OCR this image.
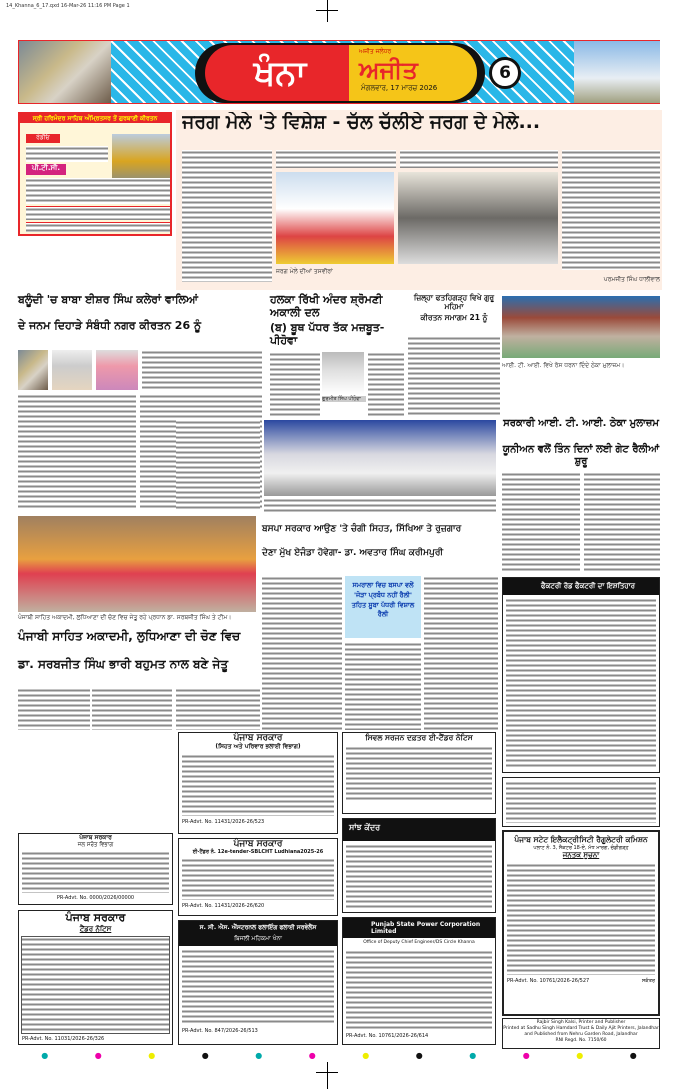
14_Khanna_6_17.qxd 16-Mar-26 11:16 PM Page 1
ਖੰਨਾ
ਅਜੀਤ ਜਲੰਧਰ
ਅਜੀਤ
ਮੰਗਲਵਾਰ, 17 ਮਾਰਚ 2026
6
ਸ੍ਰੀ ਹਰਿਮੰਦਰ ਸਾਹਿਬ ਅੰਮ੍ਰਿਤਸਰ ਤੋਂ ਗੁਰਬਾਣੀ ਕੀਰਤਨ
ਰੇਡੀਓ
ਪੀ.ਟੀ.ਸੀ.
ਜਰਗ ਮੇਲੇ 'ਤੇ ਵਿਸ਼ੇਸ਼ - ਚੱਲ ਚੱਲੀਏ ਜਰਗ ਦੇ ਮੇਲੇ...
ਜਰਗ ਮੇਲੇ ਦੀਆਂ ਤਸਵੀਰਾਂ
ਪਰਮਜੀਤ ਸਿੰਘ ਧਾਲੀਵਾਲ
ਬਲੂੰਦੀ 'ਚ ਬਾਬਾ ਈਸ਼ਰ ਸਿੰਘ ਕਲੇਰਾਂ ਵਾਲਿਆਂ
ਦੇ ਜਨਮ ਦਿਹਾੜੇ ਸੰਬੰਧੀ ਨਗਰ ਕੀਰਤਨ 26 ਨੂੰ
ਹਲਕਾ ਰਿੱਖੀ ਅੰਦਰ ਸ਼੍ਰੋਮਣੀ ਅਕਾਲੀ ਦਲ
(ਬ) ਬੂਥ ਪੱਧਰ ਤੱਕ ਮਜ਼ਬੂਤ- ਪੀਹੋਵਾ
ਗੁਰਮੀਤ ਸਿੰਘ ਪੀਹੋਵਾ
ਜ਼ਿਲ੍ਹਾ ਫਤਹਿਗੜ੍ਹ ਵਿਖੇ ਗੁਰੂ ਮਹਿਮਾ
ਕੀਰਤਨ ਸਮਾਗਮ 21 ਨੂੰ
ਆਈ. ਟੀ. ਆਈ. ਵਿਖੇ ਰੋਸ ਧਰਨਾ ਦਿੰਦੇ ਠੇਕਾ ਮੁਲਾਜ਼ਮ।
ਸਰਕਾਰੀ ਆਈ. ਟੀ. ਆਈ. ਠੇਕਾ ਮੁਲਾਜ਼ਮ
ਯੂਨੀਅਨ ਵਲੋਂ ਤਿੰਨ ਦਿਨਾਂ ਲਈ ਗੇਟ ਰੈਲੀਆਂ ਸ਼ੁਰੂ
ਪੰਜਾਬੀ ਸਾਹਿਤ ਅਕਾਦਮੀ, ਲੁਧਿਆਣਾ ਦੀ ਚੋਣ ਵਿਚ ਜੇਤੂ ਰਹੇ ਪ੍ਰਧਾਨ ਡਾ. ਸਰਬਜੀਤ ਸਿੰਘ ਤੇ ਟੀਮ।
ਪੰਜਾਬੀ ਸਾਹਿਤ ਅਕਾਦਮੀ, ਲੁਧਿਆਣਾ ਦੀ ਚੋਣ ਵਿਚ
ਡਾ. ਸਰਬਜੀਤ ਸਿੰਘ ਭਾਰੀ ਬਹੁਮਤ ਨਾਲ ਬਣੇ ਜੇਤੂ
ਬਸਪਾ ਸਰਕਾਰ ਆਉਣ 'ਤੇ ਚੰਗੀ ਸਿਹਤ, ਸਿੱਖਿਆ ਤੇ ਰੁਜ਼ਗਾਰ
ਦੇਣਾ ਮੁੱਖ ਏਜੰਡਾ ਹੋਵੇਗਾ- ਡਾ. ਅਵਤਾਰ ਸਿੰਘ ਕਰੀਮਪੁਰੀ
ਸਮਰਾਲਾ ਵਿਚ ਬਸਪਾ ਵਲੋਂ 'ਜੋੜਾ ਪ੍ਰਬੰਧ ਨਹੀਂ ਰੈਲੀ' ਤਹਿਤ ਸੂਬਾ ਪੱਧਰੀ ਵਿਸ਼ਾਲ ਰੈਲੀ
ਫੈਕਟਰੀ ਰੋਡ ਫੈਕਟਰੀ ਦਾ ਇਸ਼ਤਿਹਾਰ
ਪੰਜਾਬ ਸਰਕਾਰ
ਜਲ ਸਰੋਤ ਵਿਭਾਗ
PR-Advt. No. 0000/2026/00000
ਪੰਜਾਬ ਸਰਕਾਰ
(ਸਿਹਤ ਅਤੇ ਪਰਿਵਾਰ ਭਲਾਈ ਵਿਭਾਗ)
PR-Advt. No. 11431/2026-26/523
ਪੰਜਾਬ ਸਰਕਾਰ
ਈ-ਟੈਂਡਰ ਨੰ. 12e-tender-SBLCHT Ludhiana2025-26
PR-Advt. No. 11431/2026-26/620
ਸਿਵਲ ਸਰਜਨ ਦਫ਼ਤਰ ਈ-ਟੈਂਡਰ ਨੋਟਿਸ
ਸਾਂਝ ਕੇਂਦਰ
ਪੰਜਾਬ ਸਟੇਟ ਇਲੈਕਟ੍ਰੀਸਿਟੀ ਰੈਗੂਲੇਟਰੀ ਕਮਿਸ਼ਨ
ਪਲਾਟ ਨੰ. 3, ਸੈਕਟਰ 18-ਏ, ਮੱਧ ਮਾਰਗ, ਚੰਡੀਗੜ੍ਹ
ਜਨਤਕ ਸੂਚਨਾ
PR-Advt. No. 10761/2026-26/527	ਸਕੱਤਰ
ਪੰਜਾਬ ਸਰਕਾਰ
ਟੈਂਡਰ ਨੋਟਿਸ
PR-Advt. No. 11031/2026-26/326
ਸ. ਸੀ. ਐਸ. ਐੱਸਟਰਨਲ ਫਲਾਇੰਗ ਫਲਾਈ ਸਰਵੇਲੈਂਸ
ਬਿਜਲੀ ਮਹਿਕਮਾ ਖੰਨਾ
PR-Advt. No. 847/2026-26/513
Punjab State Power Corporation Limited
Office of Deputy Chief Engineer/DS Circle Khanna
PR-Advt. No. 10761/2026-26/614
Rajbir Singh Kalsi, Printer and Publisher
Printed at Sadhu Singh Hamdard Trust & Daily Ajit Printers, Jalandhar
and Published from Nehru Garden Road, Jalandhar
RNI Regd. No. 7150/60
●	●	●	●	●	●	●	●	●	●	●	●
